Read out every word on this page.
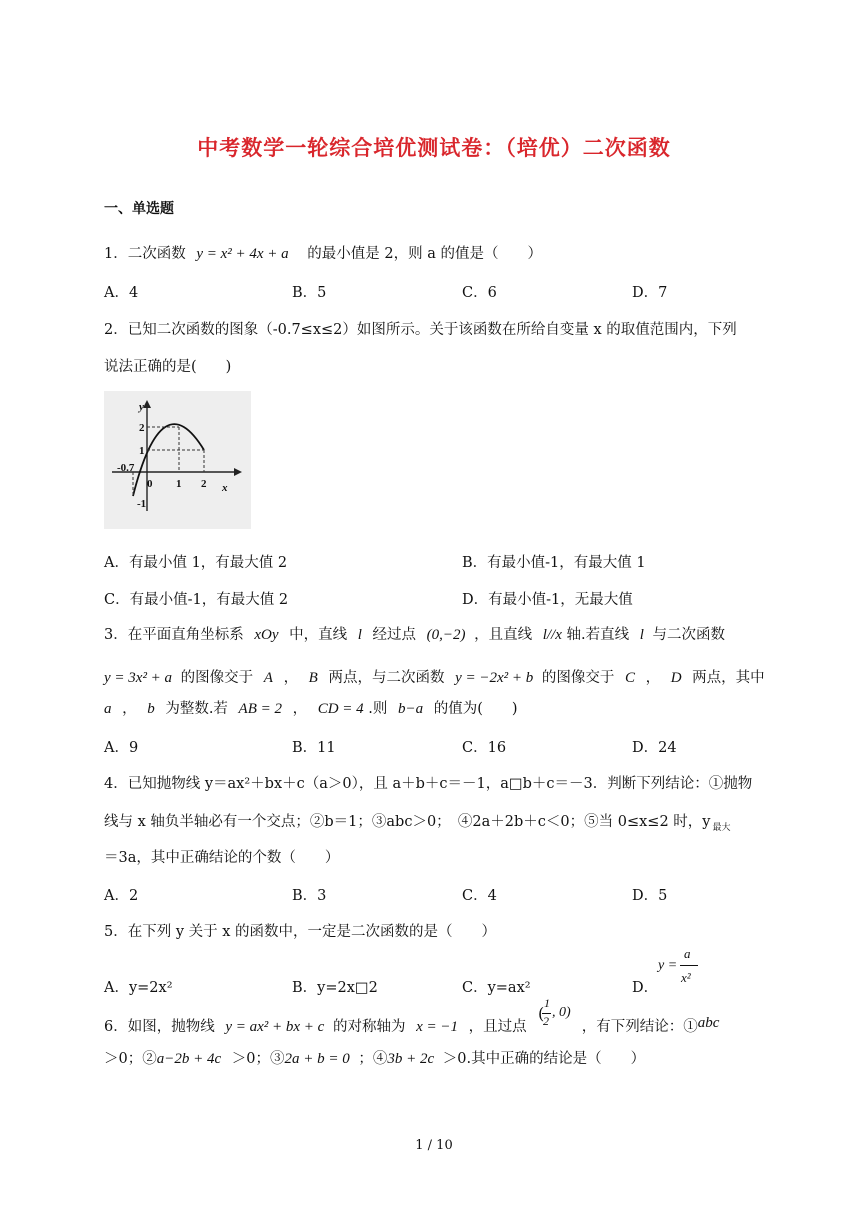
中考数学一轮综合培优测试卷：（培优）二次函数
一、单选题
1．二次函数 y = x² + 4x + a 的最小值是 2，则 a 的值是（　　）
A．4	B．5	C．6	D．7
2．已知二次函数的图象（-0.7≤x≤2）如图所示。关于该函数在所给自变量 x 的取值范围内，下列
说法正确的是(　　)
y
x
2
1
-0.7
0 1 2
-1
A．有最小值 1，有最大值 2	B．有最小值-1，有最大值 1
C．有最小值-1，有最大值 2	D．有最小值-1，无最大值
3．在平面直角坐标系 xOy 中，直线 l 经过点 (0,−2) ，且直线 l//x 轴.若直线 l 与二次函数
y = 3x² + a 的图像交于 A ， B 两点，与二次函数 y = −2x² + b 的图像交于 C ， D 两点，其中
a ， b 为整数.若 AB = 2 ， CD = 4 .则 b−a 的值为(　　)
A．9	B．11	C．16	D．24
4．已知抛物线 y＝ax²＋bx＋c（a＞0），且 a＋b＋c＝－1，a□b＋c＝－3．判断下列结论：①抛物
线与 x 轴负半轴必有一个交点；②b＝1；③abc＞0；　④2a＋2b＋c＜0；⑤当 0≤x≤2 时，y $_{最大}$
＝3a，其中正确结论的个数（　　）
A．2	B．3	C．4	D．5
5．在下列 y 关于 x 的函数中，一定是二次函数的是（　　）
A．y=2x²	B．y=2x□2	C．y=ax²	D．
y =
a
x²
6．如图，抛物线 y = ax² + bx + c 的对称轴为 x = −1 ，且过点	，有下列结论：①abc
(
1
2
, 0)
＞0；②a−2b + 4c ＞0；③2a + b = 0 ；④3b + 2c ＞0.其中正确的结论是（　　）
1 / 10
